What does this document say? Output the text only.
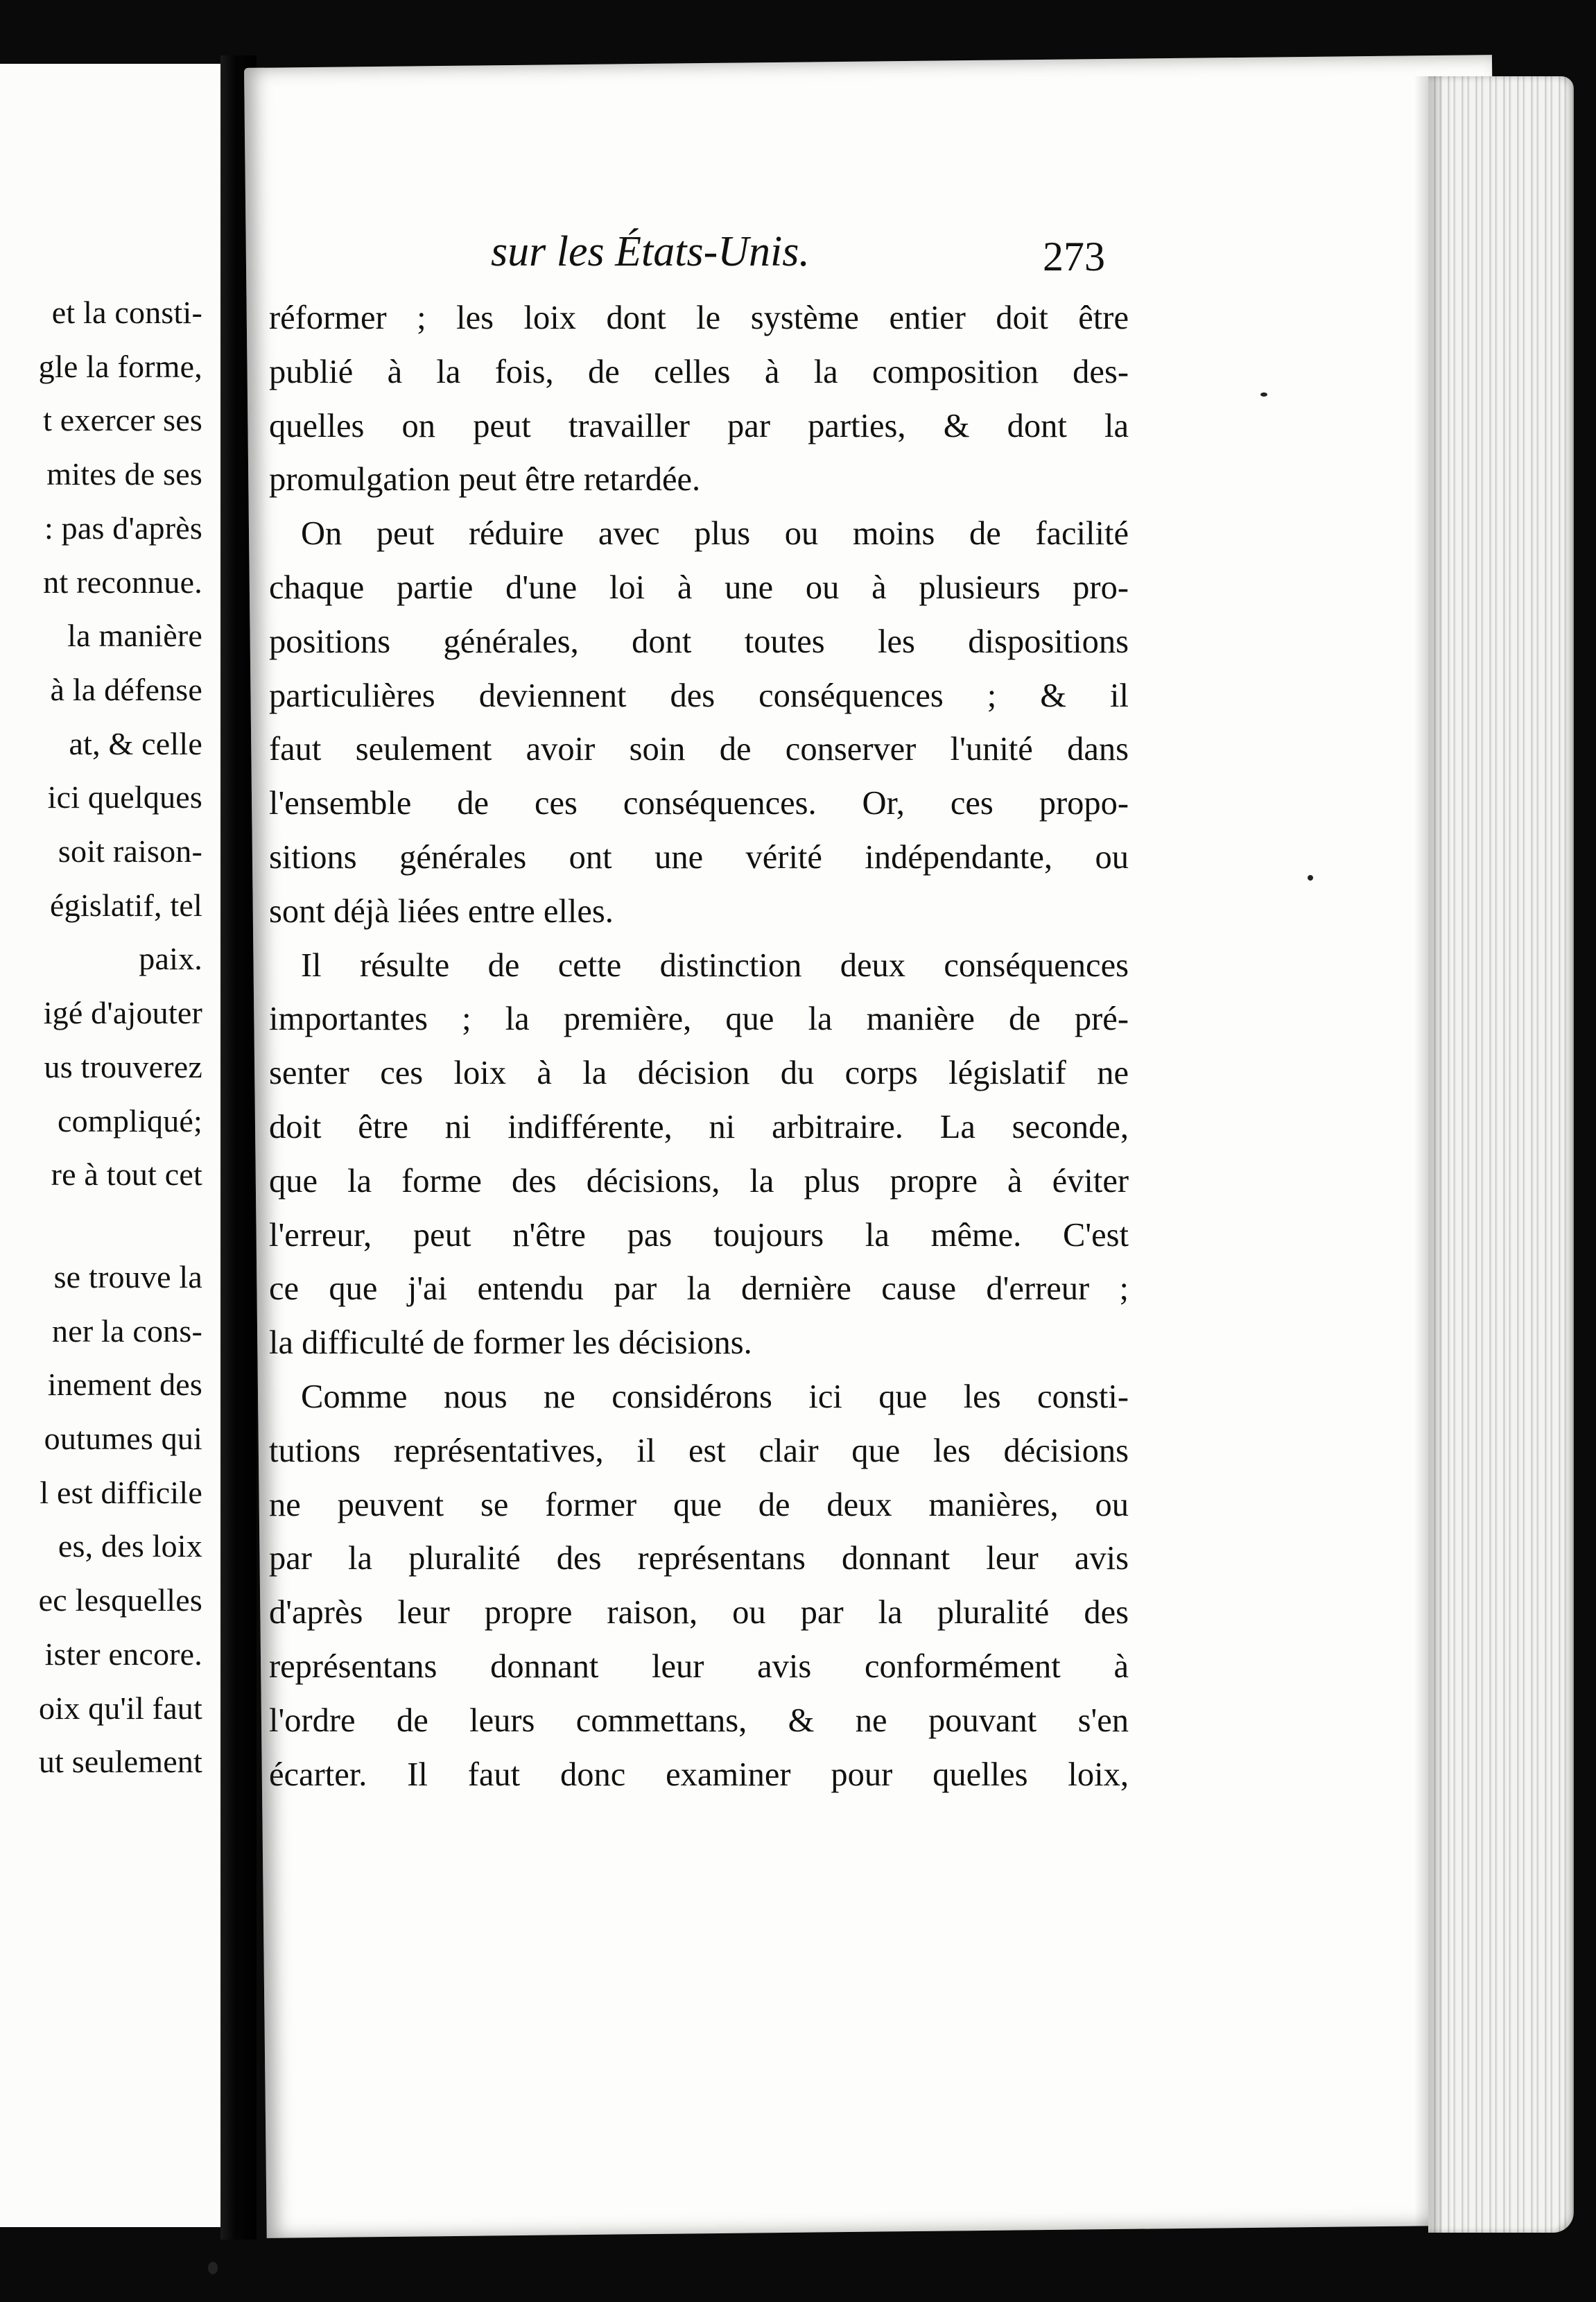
et la consti-
gle la forme,
t exercer ses
mites de ses
: pas d'après
nt reconnue.
la manière
à la défense
at, & celle
ici quelques
soit raison-
égislatif, tel
paix.
igé d'ajouter
us trouverez
compliqué;
re à tout cet
se trouve la
ner la cons-
inement des
outumes qui
l est difficile
es, des loix
ec lesquelles
ister encore.
oix qu'il faut
ut seulement
sur les États-Unis.	273
réformer ; les loix dont le système entier doit être
publié à la fois, de celles à la composition des-
quelles on peut travailler par parties, & dont la
promulgation peut être retardée.
On peut réduire avec plus ou moins de facilité
chaque partie d'une loi à une ou à plusieurs pro-
positions générales, dont toutes les dispositions
particulières deviennent des conséquences ; & il
faut seulement avoir soin de conserver l'unité dans
l'ensemble de ces conséquences. Or, ces propo-
sitions générales ont une vérité indépendante, ou
sont déjà liées entre elles.
Il résulte de cette distinction deux conséquences
importantes ; la première, que la manière de pré-
senter ces loix à la décision du corps législatif ne
doit être ni indifférente, ni arbitraire. La seconde,
que la forme des décisions, la plus propre à éviter
l'erreur, peut n'être pas toujours la même. C'est
ce que j'ai entendu par la dernière cause d'erreur ;
la difficulté de former les décisions.
Comme nous ne considérons ici que les consti-
tutions représentatives, il est clair que les décisions
ne peuvent se former que de deux manières, ou
par la pluralité des représentans donnant leur avis
d'après leur propre raison, ou par la pluralité des
représentans donnant leur avis conformément à
l'ordre de leurs commettans, & ne pouvant s'en
écarter. Il faut donc examiner pour quelles loix,
